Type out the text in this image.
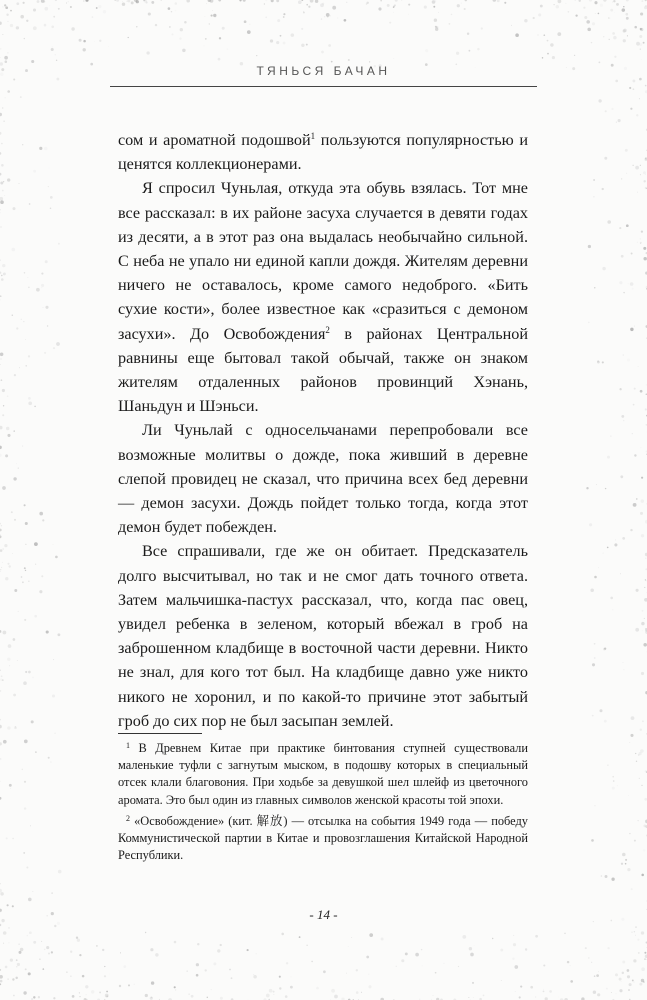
ТЯНЬСЯ БАЧАН

сом и ароматной подошвой$^1$ пользуются популярностью и ценятся коллекционерами.

Я спросил Чуньлая, откуда эта обувь взялась. Тот мне все рассказал: в их районе засуха случается в девяти годах из десяти, а в этот раз она выдалась необычайно сильной. С неба не упало ни единой капли дождя. Жителям деревни ничего не оставалось, кроме самого недоброго. «Бить сухие кости», более известное как «сразиться с демоном засухи». До Освобождения$^2$ в районах Центральной равнины еще бытовал такой обычай, также он знаком жителям отдаленных районов провинций Хэнань, Шаньдун и Шэньси.

Ли Чуньлай с односельчанами перепробовали все возможные молитвы о дожде, пока живший в деревне слепой провидец не сказал, что причина всех бед деревни — демон засухи. Дождь пойдет только тогда, когда этот демон будет побежден.

Все спрашивали, где же он обитает. Предсказатель долго высчитывал, но так и не смог дать точного ответа. Затем мальчишка-пастух рассказал, что, когда пас овец, увидел ребенка в зеленом, который вбежал в гроб на заброшенном кладбище в восточной части деревни. Никто не знал, для кого тот был. На кладбище давно уже никто никого не хоронил, и по какой-то причине этот забытый гроб до сих пор не был засыпан землей.

$^1$ В Древнем Китае при практике бинтования ступней существовали маленькие туфли с загнутым мыском, в подошву которых в специальный отсек клали благовония. При ходьбе за девушкой шел шлейф из цветочного аромата. Это был один из главных символов женской красоты той эпохи.

$^2$ «Освобождение» (кит. 解放) — отсылка на события 1949 года — победу Коммунистической партии в Китае и провозглашения Китайской Народной Республики.

- 14 -
